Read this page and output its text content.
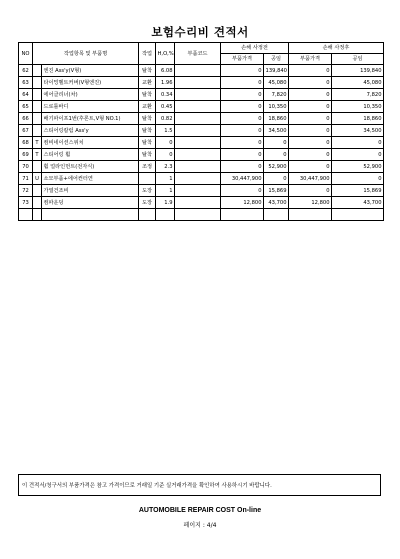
보험수리비 견적서
NO	작업항목 및 부품명		작업	H,O,%	부품코드	손해 사정전		손해 사정후	
						부품가격	공임	부품가격	공임
62		엔진 Ass'y(V형)	탈착	6.08		0	139,840	0	139,840
63		타이밍벨트커버(V형엔진)	교환	1.96		0	45,080	0	45,080
64		에어클리너(차)	탈착	0.34		0	7,820	0	7,820
65		드로틀바디	교환	0.45		0	10,350	0	10,350
66		배기파이프1번(후론트,V형 NO.1)	탈착	0.82		0	18,860	0	18,860
67		스티어링칼럼 Ass'y	탈착	1.5		0	34,500	0	34,500
68	T	컴비네이션스위치	탈착	0		0	0	0	0
69	T	스티어링 휠	탈착	0		0	0	0	0
70		휠 얼라인먼트(전자식)	조정	2.3		0	52,900	0	52,900
71	U	소모부품+에어컨터연		1		30,447,900	0	30,447,900	0
72		가열건조비	도장	1		0	15,869	0	15,869
73		컴파운딩	도장	1.9		12,800	43,700	12,800	43,700

이 견적서/청구서의 부품가격은 참고 가격이므로 거래일 기준 실거래가격을 확인하여 사용하시기 바랍니다.
AUTOMOBILE REPAIR COST On-line
페이지 : 4/4
